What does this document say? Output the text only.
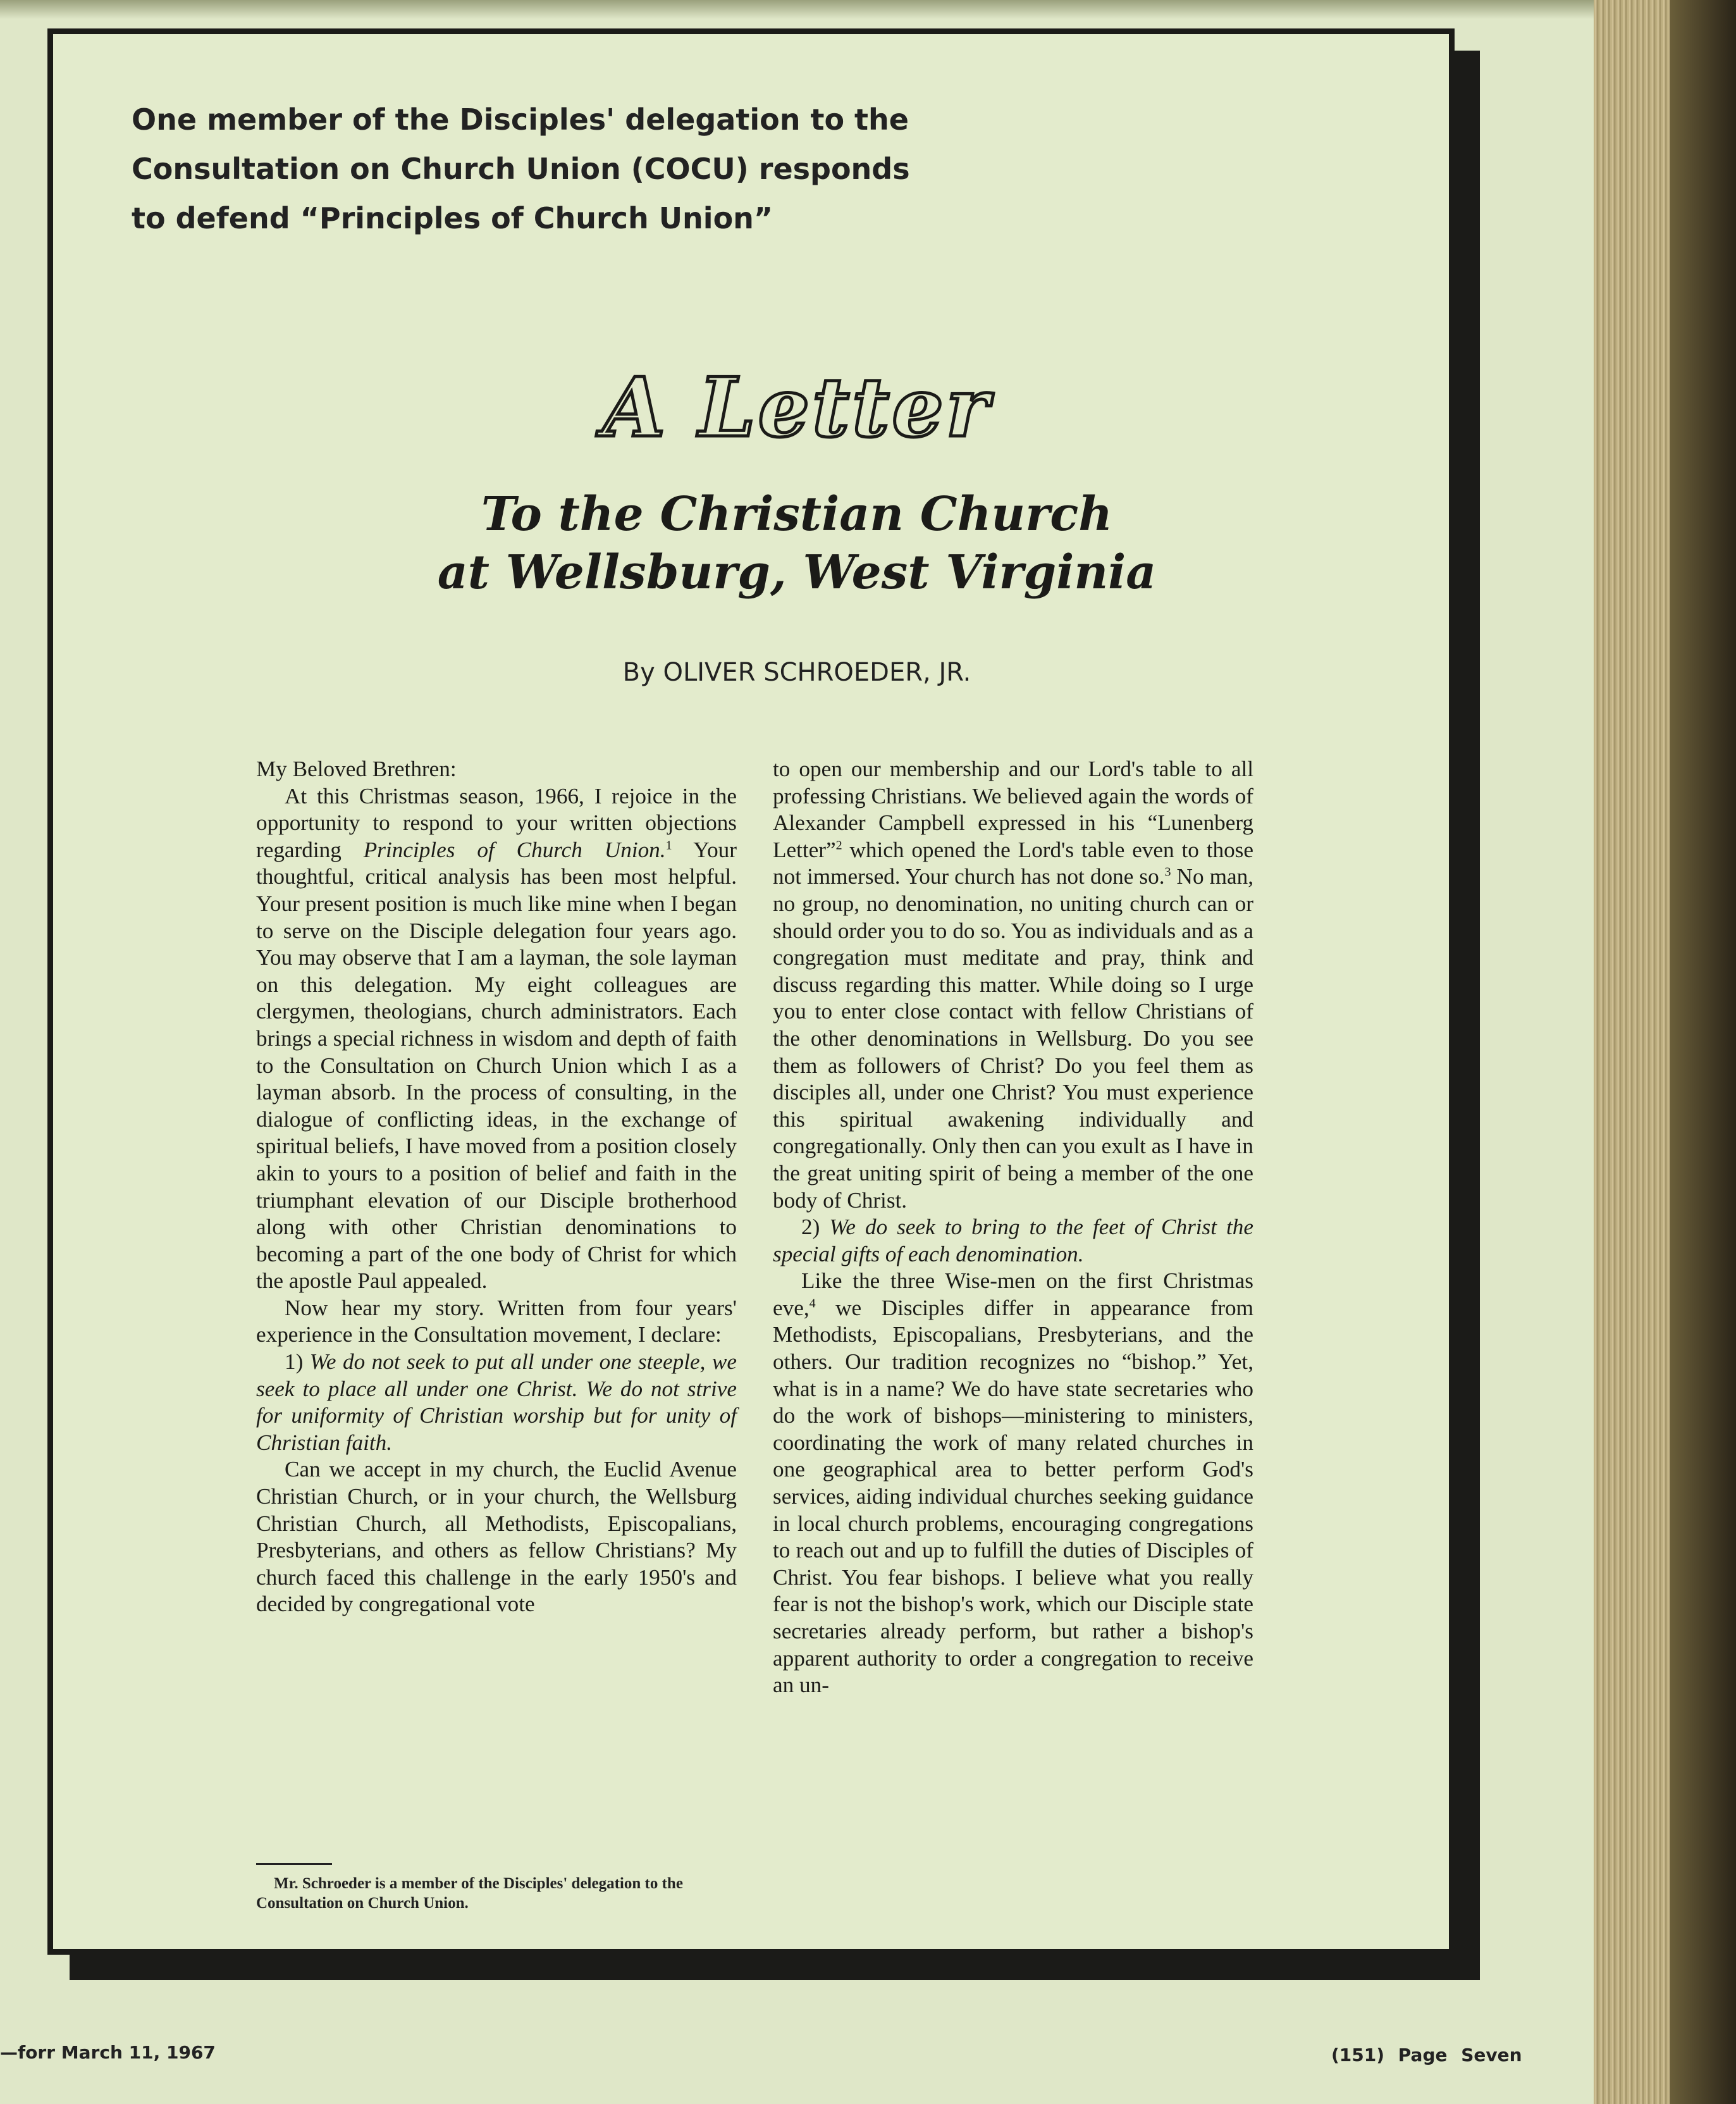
One member of the Disciples' delegation to the
Consultation on Church Union (COCU) responds
to defend “Principles of Church Union”
A Letter
To the Christian Church
at Wellsburg, West Virginia
By OLIVER SCHROEDER, JR.

My Beloved Brethren:

At this Christmas season, 1966, I rejoice in the opportunity to respond to your written objections regarding Principles of Church Union.$^1$ Your thoughtful, critical analysis has been most helpful. Your present position is much like mine when I began to serve on the Disciple delegation four years ago. You may observe that I am a layman, the sole layman on this delegation. My eight colleagues are clergymen, theologians, church administrators. Each brings a special richness in wisdom and depth of faith to the Consultation on Church Union which I as a layman absorb. In the process of consulting, in the dialogue of conflicting ideas, in the exchange of spiritual beliefs, I have moved from a position closely akin to yours to a position of belief and faith in the triumphant elevation of our Disciple brotherhood along with other Christian denominations to becoming a part of the one body of Christ for which the apostle Paul appealed.

Now hear my story. Written from four years' experience in the Consultation movement, I declare:

1) We do not seek to put all under one steeple, we seek to place all under one Christ. We do not strive for uniformity of Christian worship but for unity of Christian faith.

Can we accept in my church, the Euclid Avenue Christian Church, or in your church, the Wellsburg Christian Church, all Methodists, Episcopalians, Presbyterians, and others as fellow Christians? My church faced this challenge in the early 1950's and decided by congregational vote

Mr. Schroeder is a member of the Disciples' delegation to the Consultation on Church Union.

to open our membership and our Lord's table to all professing Christians. We believed again the words of Alexander Campbell expressed in his “Lunenberg Letter”$^2$ which opened the Lord's table even to those not immersed. Your church has not done so.$^3$ No man, no group, no denomination, no uniting church can or should order you to do so. You as individuals and as a congregation must meditate and pray, think and discuss regarding this matter. While doing so I urge you to enter close contact with fellow Christians of the other denominations in Wellsburg. Do you see them as followers of Christ? Do you feel them as disciples all, under one Christ? You must experience this spiritual awakening individually and congregationally. Only then can you exult as I have in the great uniting spirit of being a member of the one body of Christ.

2) We do seek to bring to the feet of Christ the special gifts of each denomination.

Like the three Wise-men on the first Christmas eve,$^4$ we Disciples differ in appearance from Methodists, Episcopalians, Presbyterians, and the others. Our tradition recognizes no “bishop.” Yet, what is in a name? We do have state secretaries who do the work of bishops—ministering to ministers, coordinating the work of many related churches in one geographical area to better perform God's services, aiding individual churches seeking guidance in local church problems, encouraging congregations to reach out and up to fulfill the duties of Disciples of Christ. You fear bishops. I believe what you really fear is not the bishop's work, which our Disciple state secretaries already perform, but rather a bishop's apparent authority to order a congregation to receive an un-

—forr March 11, 1967	(151) Page Seven
